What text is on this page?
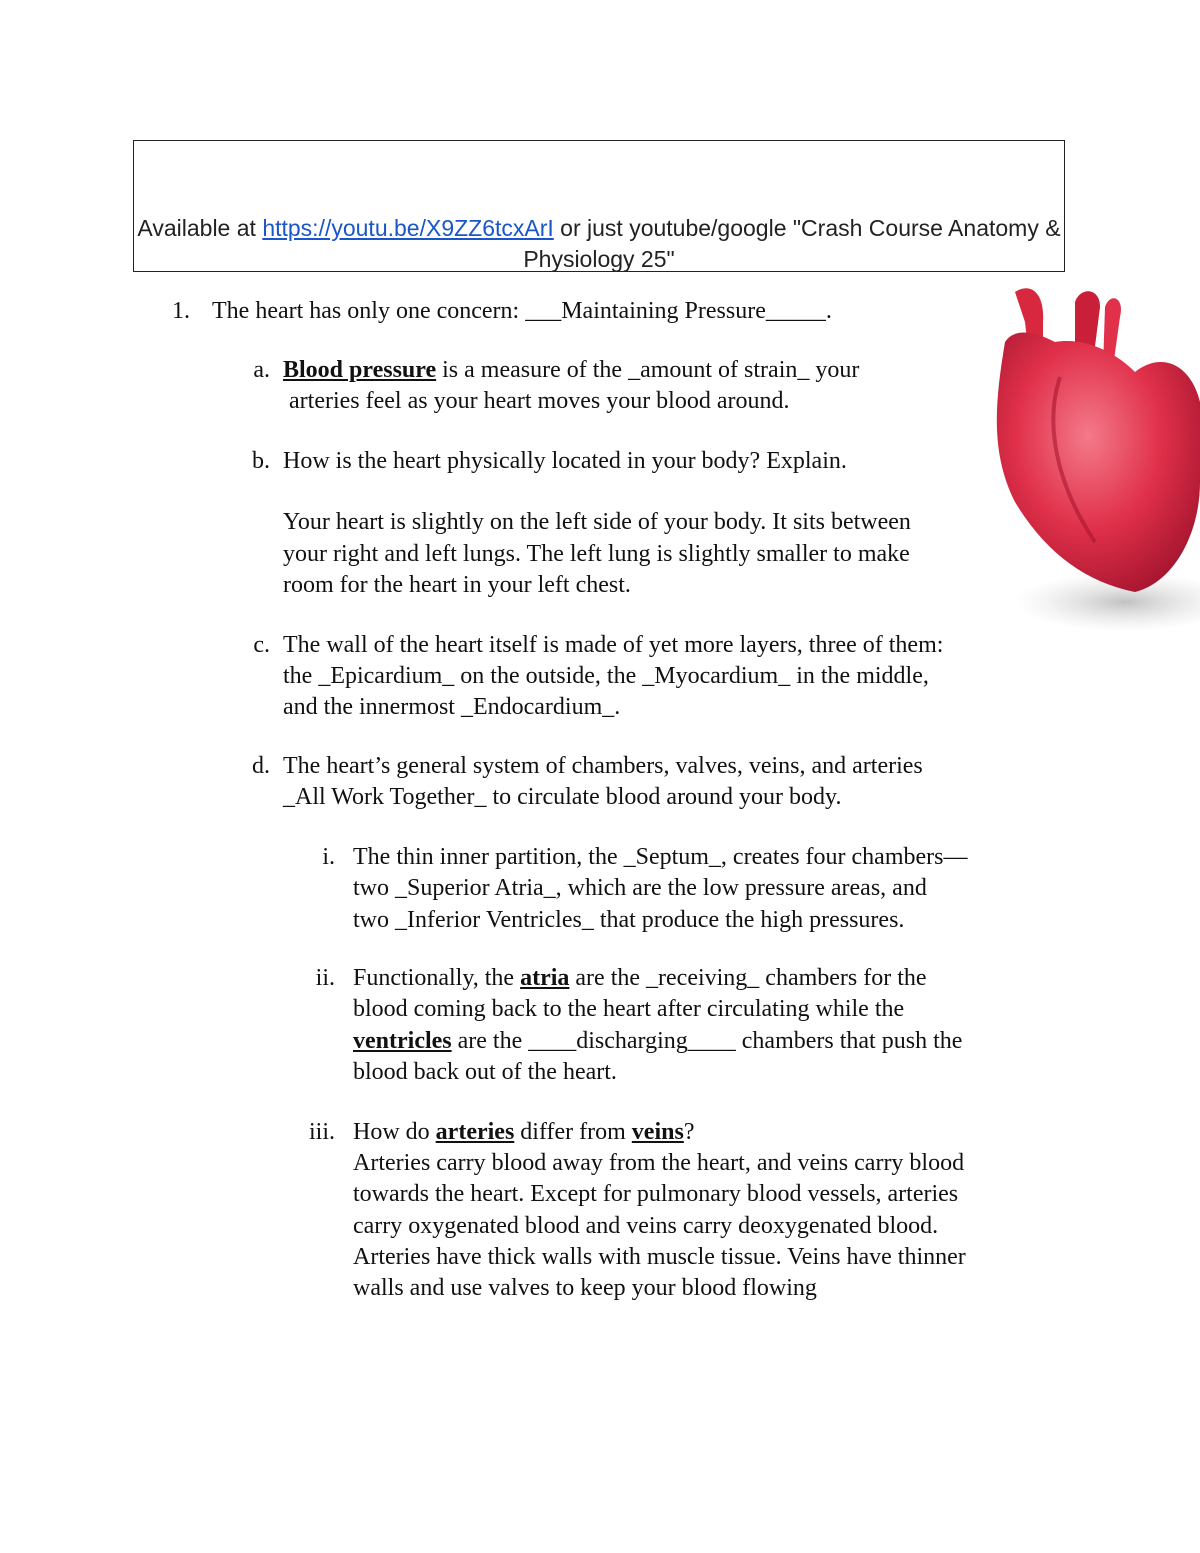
Available at https://youtu.be/X9ZZ6tcxArI or just youtube/google "Crash Course Anatomy &
Physiology 25"
1. The heart has only one concern: ___Maintaining Pressure_____.
a. Blood pressure is a measure of the _amount of strain_ your
arteries feel as your heart moves your blood around.
b. How is the heart physically located in your body? Explain.
Your heart is slightly on the left side of your body. It sits between
your right and left lungs. The left lung is slightly smaller to make
room for the heart in your left chest.
c. The wall of the heart itself is made of yet more layers, three of them:
the _Epicardium_ on the outside, the _Myocardium_ in the middle,
and the innermost _Endocardium_.
d. The heart’s general system of chambers, valves, veins, and arteries
_All Work Together_ to circulate blood around your body.
i. The thin inner partition, the _Septum_, creates four chambers—
two _Superior Atria_, which are the low pressure areas, and
two _Inferior Ventricles_ that produce the high pressures.
ii. Functionally, the atria are the _receiving_ chambers for the
blood coming back to the heart after circulating while the
ventricles are the ____discharging____ chambers that push the
blood back out of the heart.
iii. How do arteries differ from veins?
Arteries carry blood away from the heart, and veins carry blood
towards the heart. Except for pulmonary blood vessels, arteries
carry oxygenated blood and veins carry deoxygenated blood.
Arteries have thick walls with muscle tissue. Veins have thinner
walls and use valves to keep your blood flowing
